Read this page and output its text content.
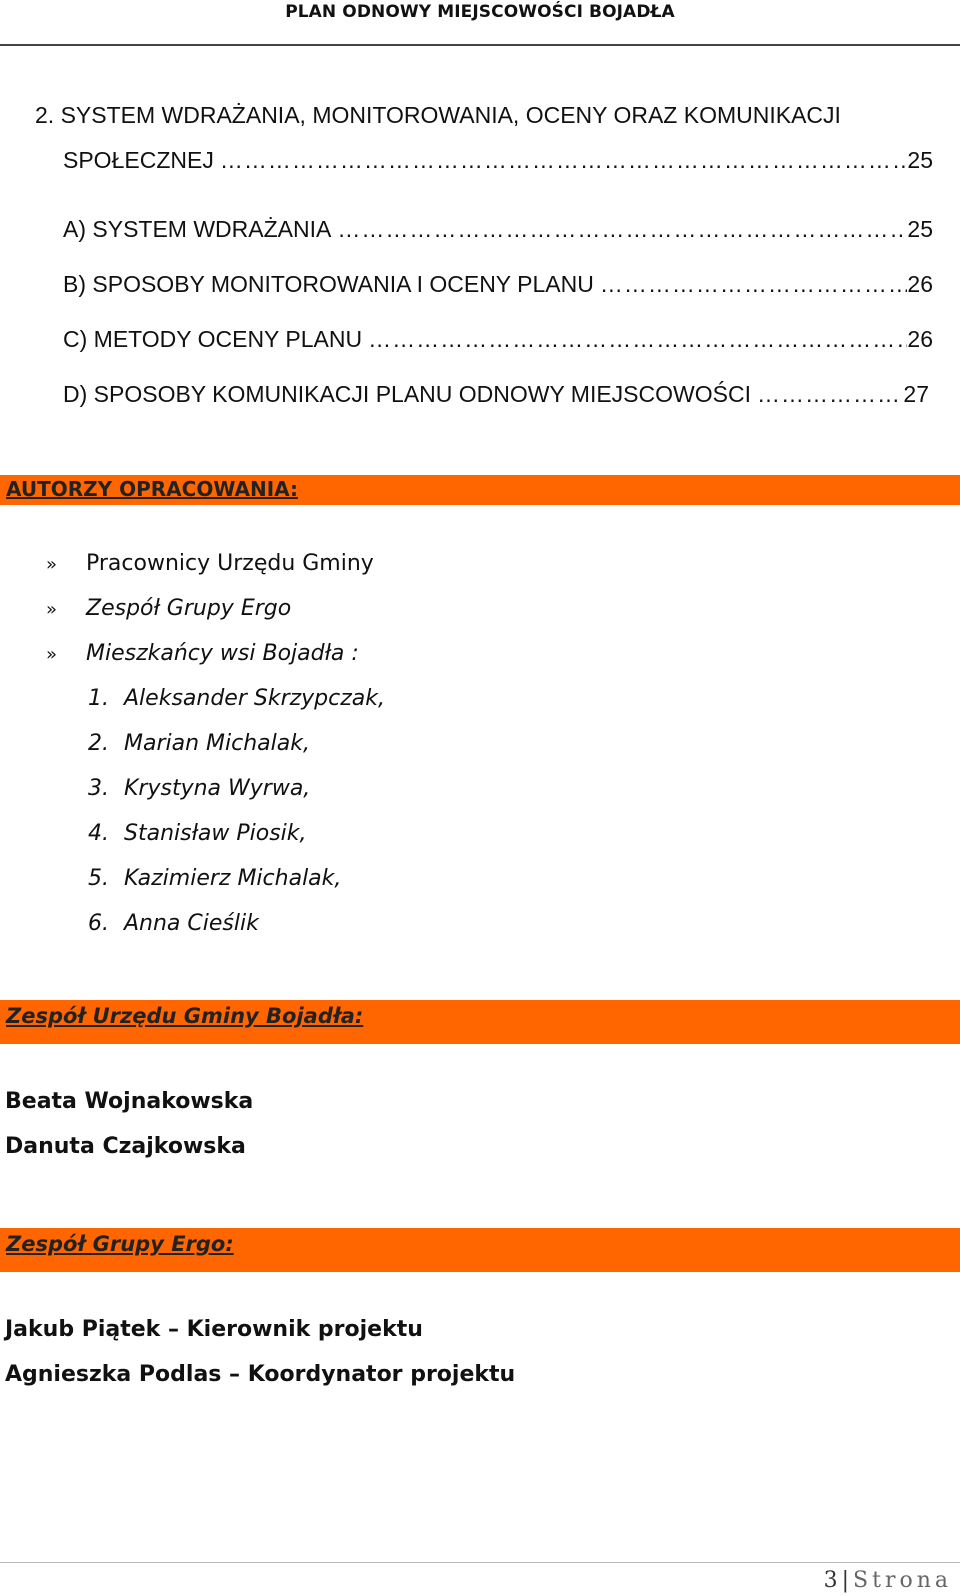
PLAN ODNOWY MIEJSCOWOŚCI BOJADŁA
2. SYSTEM WDRAŻANIA, MONITOROWANIA, OCENY ORAZ KOMUNIKACJI
SPOŁECZNEJ ……………………………………………………………………………………………………………………………	25
A) SYSTEM WDRAŻANIA ……………………………………………………………………………………………………………………………	25
B) SPOSOBY MONITOROWANIA I OCENY PLANU ……………………………………………………………………………………………………………………………	26
C) METODY OCENY PLANU ……………………………………………………………………………………………………………………………	26
D) SPOSOBY KOMUNIKACJI PLANU ODNOWY MIEJSCOWOŚCI ……………………………………………………………………………………………………………………………	27
AUTORZY OPRACOWANIA:
» Pracownicy Urzędu Gminy
» Zespół Grupy Ergo
» Mieszkańcy wsi Bojadła :
1. Aleksander Skrzypczak,
2. Marian Michalak,
3. Krystyna Wyrwa,
4. Stanisław Piosik,
5. Kazimierz Michalak,
6. Anna Cieślik
Zespół Urzędu Gminy Bojadła:
Beata Wojnakowska
Danuta Czajkowska
Zespół Grupy Ergo:
Jakub Piątek – Kierownik projektu
Agnieszka Podlas – Koordynator projektu
3|Strona
